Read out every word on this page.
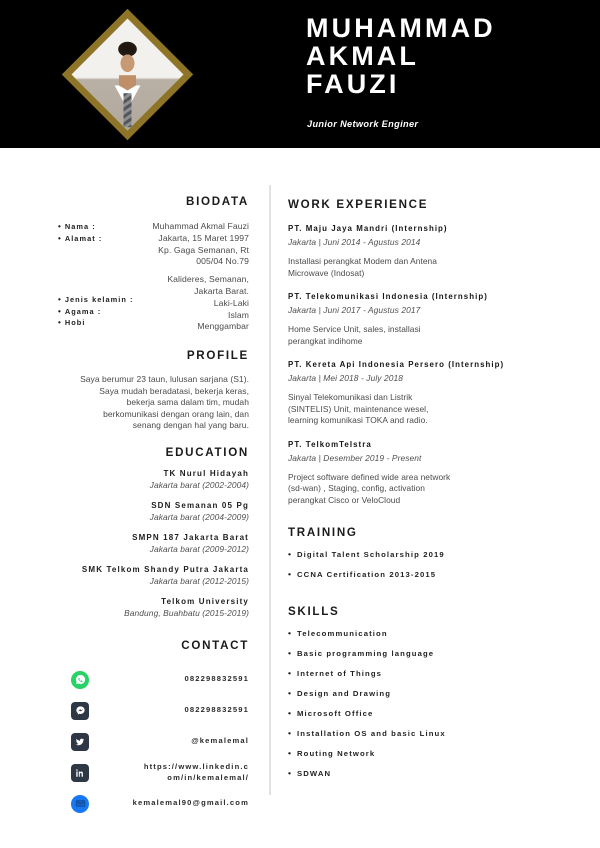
MUHAMMAD
AKMAL
FAUZI
Junior Network Enginer
BIODATA
• Nama :
• Alamat :
• Jenis kelamin :
• Agama :
• Hobi
Muhammad Akmal Fauzi
Jakarta, 15 Maret 1997
Kp. Gaga Semanan, Rt
005/04 No.79
Kalideres, Semanan,
Jakarta Barat.
Laki-Laki
Islam
Menggambar
PROFILE
Saya berumur 23 taun, lulusan sarjana (S1).
Saya mudah beradatasi, bekerja keras,
bekerja sama dalam tim, mudah
berkomunikasi dengan orang lain, dan
senang dengan hal yang baru.
EDUCATION
TK Nurul Hidayah
Jakarta barat (2002-2004)
SDN Semanan 05 Pg
Jakarta barat (2004-2009)
SMPN 187 Jakarta Barat
Jakarta barat (2009-2012)
SMK Telkom Shandy Putra Jakarta
Jakarta barat (2012-2015)
Telkom University
Bandung, Buahbatu (2015-2019)
CONTACT
082298832591
082298832591
@kemalemal
https://www.linkedin.c om/in/kemalemal/
kemalemal90@gmail.com
WORK EXPERIENCE
PT. Maju Jaya Mandri (Internship)
Jakarta | Juni 2014 - Agustus 2014
Installasi perangkat Modem dan Antena
Microwave (Indosat)
PT. Telekomunikasi Indonesia (Internship)
Jakarta | Juni 2017 - Agustus 2017
Home Service Unit, sales, installasi
perangkat indihome
PT. Kereta Api Indonesia Persero (Internship)
Jakarta | Mei 2018 - July 2018
Sinyal Telekomunikasi dan Listrik
(SINTELIS) Unit, maintenance wesel,
learning komunikasi TOKA and radio.
PT. TelkomTelstra
Jakarta | Desember 2019 - Present
Project software defined wide area network
(sd-wan) , Staging, config, activation
perangkat Cisco or VeloCloud
TRAINING
• Digital Talent Scholarship 2019
• CCNA Certification 2013-2015
SKILLS
• Telecommunication
• Basic programming language
• Internet of Things
• Design and Drawing
• Microsoft Office
• Installation OS and basic Linux
• Routing Network
• SDWAN
